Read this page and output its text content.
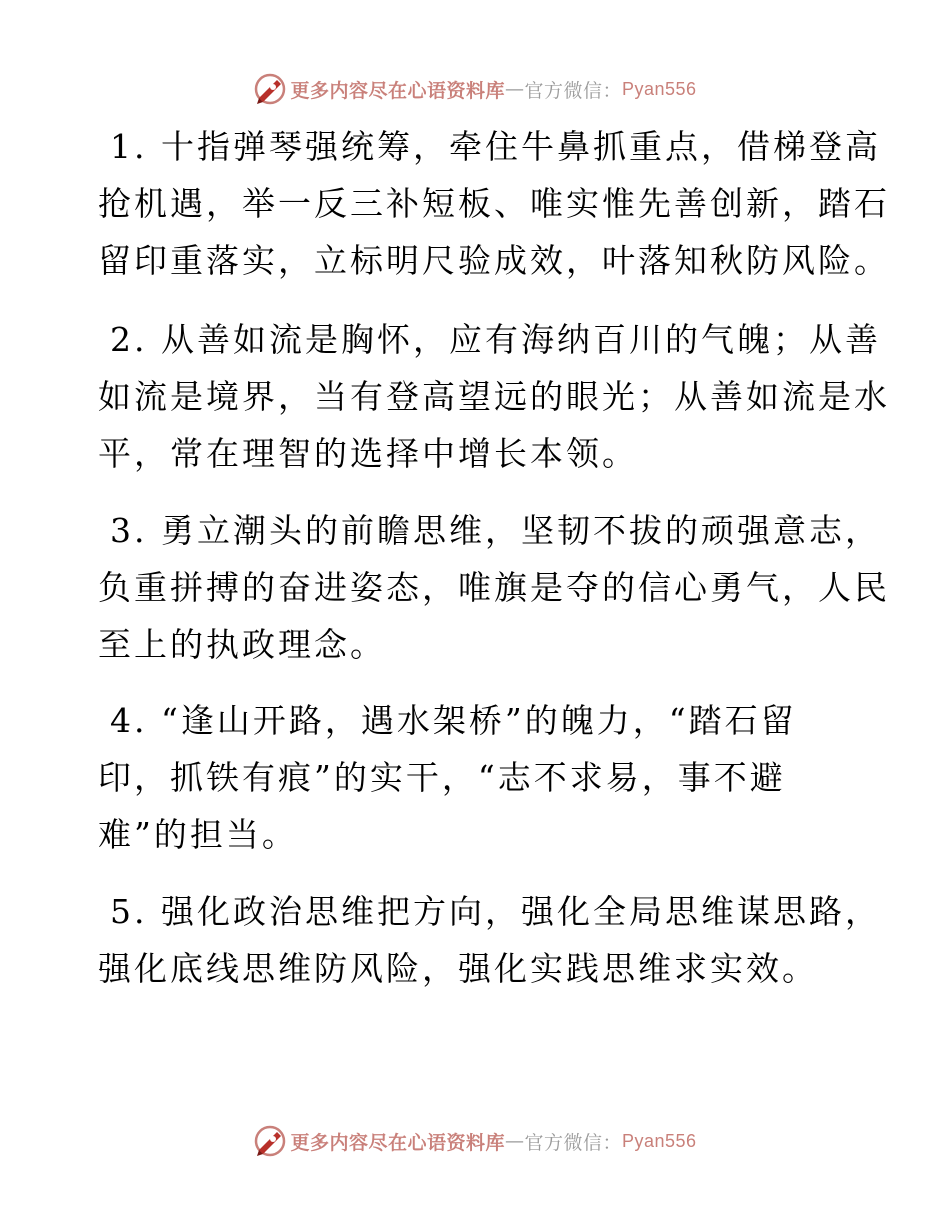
更多内容尽在心语资料库 — 官方微信： Pyan556
1. 十指弹琴强统筹，牵住牛鼻抓重点，借梯登高
抢机遇，举一反三补短板、唯实惟先善创新，踏石
留印重落实，立标明尺验成效，叶落知秋防风险。
2. 从善如流是胸怀，应有海纳百川的气魄；从善
如流是境界，当有登高望远的眼光；从善如流是水
平，常在理智的选择中增长本领。
3. 勇立潮头的前瞻思维，坚韧不拔的顽强意志，
负重拼搏的奋进姿态，唯旗是夺的信心勇气，人民
至上的执政理念。
4. “逢山开路，遇水架桥”的魄力，“踏石留
印，抓铁有痕”的实干，“志不求易，事不避
难”的担当。
5. 强化政治思维把方向，强化全局思维谋思路，
强化底线思维防风险，强化实践思维求实效。
更多内容尽在心语资料库 — 官方微信： Pyan556
